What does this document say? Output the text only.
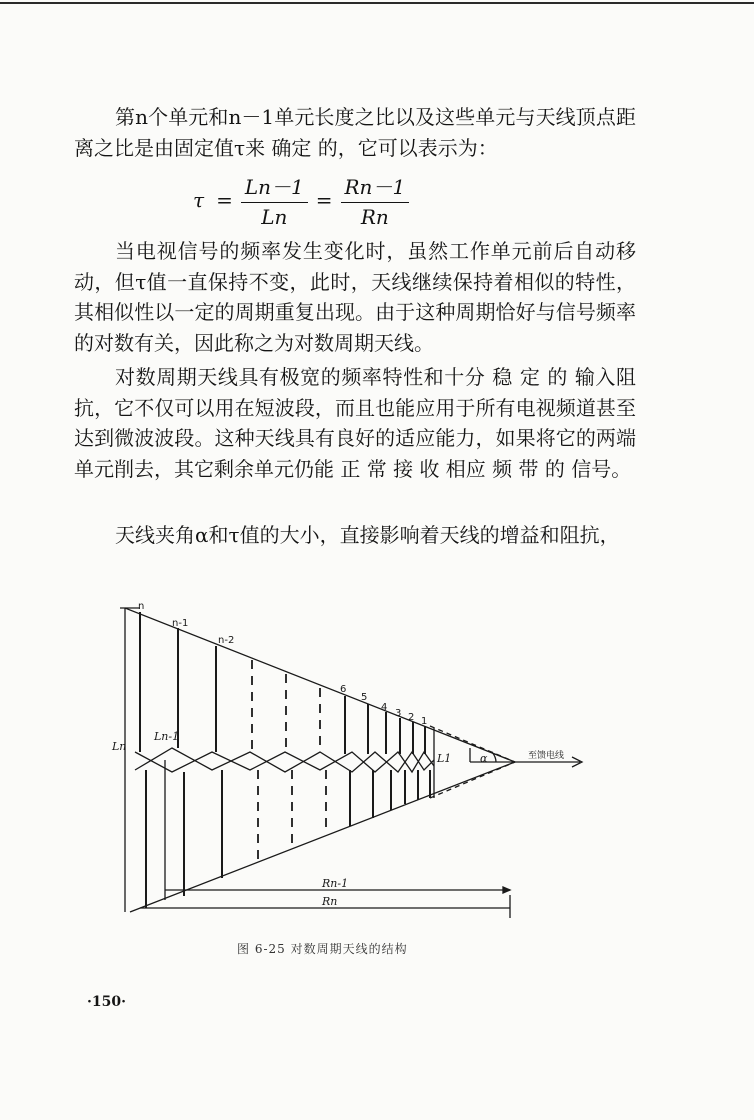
第n个单元和n－1单元长度之比以及这些单元与天线顶点距离之比是由固定值τ来 确定 的，它可以表示为：

$\tau = \frac{Ln-1}{Ln} = \frac{Rn-1}{Rn}$

当电视信号的频率发生变化时，虽然工作单元前后自动移动，但τ值一直保持不变，此时，天线继续保持着相似的特性，其相似性以一定的周期重复出现。由于这种周期恰好与信号频率的对数有关，因此称之为对数周期天线。

对数周期天线具有极宽的频率特性和十分 稳 定 的 输入阻抗，它不仅可以用在短波段，而且也能应用于所有电视频道甚至达到微波波段。这种天线具有良好的适应能力，如果将它的两端单元削去，其它剩余单元仍能 正 常 接 收 相应 频 带 的 信号。

天线夹角α和τ值的大小，直接影响着天线的增益和阻抗，

n
n-1
n-2
6
5
4
3 2 1
Ln
Ln-1
L1	α	至馈电线
Rn-1
Rn
图 6-25 对数周期天线的结构
·150·
